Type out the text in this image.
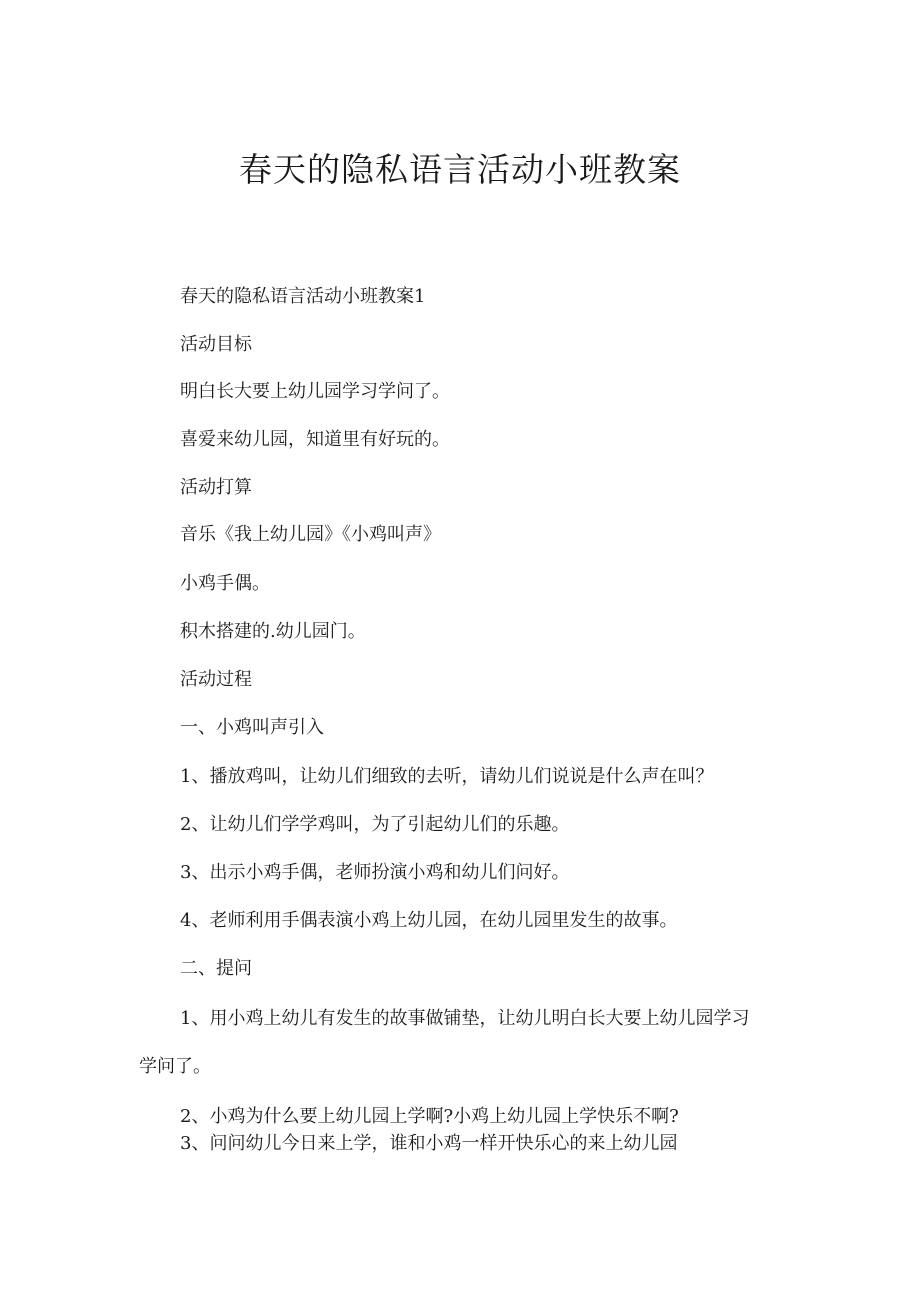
春天的隐私语言活动小班教案
春天的隐私语言活动小班教案1
活动目标
明白长大要上幼儿园学习学问了。
喜爱来幼儿园，知道里有好玩的。
活动打算
音乐《我上幼儿园》《小鸡叫声》
小鸡手偶。
积木搭建的.幼儿园门。
活动过程
一、小鸡叫声引入
1、播放鸡叫，让幼儿们细致的去听，请幼儿们说说是什么声在叫？
2、让幼儿们学学鸡叫，为了引起幼儿们的乐趣。
3、出示小鸡手偶，老师扮演小鸡和幼儿们问好。
4、老师利用手偶表演小鸡上幼儿园，在幼儿园里发生的故事。
二、提问
1、用小鸡上幼儿有发生的故事做铺垫，让幼儿明白长大要上幼儿园学习
学问了。
2、小鸡为什么要上幼儿园上学啊?小鸡上幼儿园上学快乐不啊?
3、问问幼儿今日来上学，谁和小鸡一样开快乐心的来上幼儿园
